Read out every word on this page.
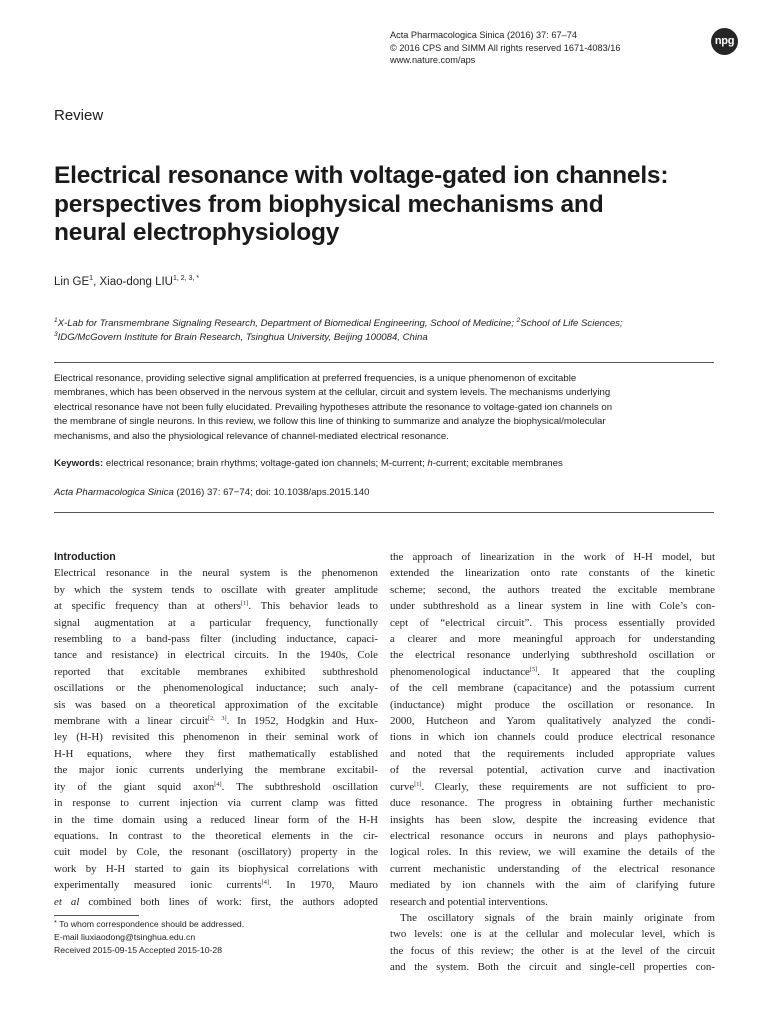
Acta Pharmacologica Sinica (2016) 37: 67–74
© 2016 CPS and SIMM All rights reserved 1671-4083/16
www.nature.com/aps
npg
Review
Electrical resonance with voltage-gated ion channels:
perspectives from biophysical mechanisms and
neural electrophysiology
Lin $GE^1$, Xiao-dong $LIU^{1, 2, 3, *}$
$^1$X-Lab for Transmembrane Signaling Research, Department of Biomedical Engineering, School of Medicine; $^2$School of Life Sciences;
$^3$IDG/McGovern Institute for Brain Research, Tsinghua University, Beijing 100084, China
Electrical resonance, providing selective signal amplification at preferred frequencies, is a unique phenomenon of excitable
membranes, which has been observed in the nervous system at the cellular, circuit and system levels. The mechanisms underlying
electrical resonance have not been fully elucidated. Prevailing hypotheses attribute the resonance to voltage-gated ion channels on
the membrane of single neurons. In this review, we follow this line of thinking to summarize and analyze the biophysical/molecular
mechanisms, and also the physiological relevance of channel-mediated electrical resonance.
Keywords: electrical resonance; brain rhythms; voltage-gated ion channels; M-current; h-current; excitable membranes
Acta Pharmacologica Sinica (2016) 37: 67−74; doi: 10.1038/aps.2015.140
Introduction
Electrical resonance in the neural system is the phenomenon
by which the system tends to oscillate with greater amplitude
at specific frequency than at others[1]. This behavior leads to
signal augmentation at a particular frequency, functionally
resembling to a band-pass filter (including inductance, capaci-
tance and resistance) in electrical circuits. In the 1940s, Cole
reported that excitable membranes exhibited subthreshold
oscillations or the phenomenological inductance; such analy-
sis was based on a theoretical approximation of the excitable
membrane with a linear circuit[2, 3]. In 1952, Hodgkin and Hux-
ley (H-H) revisited this phenomenon in their seminal work of
H-H equations, where they first mathematically established
the major ionic currents underlying the membrane excitabil-
ity of the giant squid axon[4]. The subthreshold oscillation
in response to current injection via current clamp was fitted
in the time domain using a reduced linear form of the H-H
equations. In contrast to the theoretical elements in the cir-
cuit model by Cole, the resonant (oscillatory) property in the
work by H-H started to gain its biophysical correlations with
experimentally measured ionic currents[4]. In 1970, Mauro
et al combined both lines of work: first, the authors adopted
the approach of linearization in the work of H-H model, but
extended the linearization onto rate constants of the kinetic
scheme; second, the authors treated the excitable membrane
under subthreshold as a linear system in line with Cole’s con-
cept of “electrical circuit”. This process essentially provided
a clearer and more meaningful approach for understanding
the electrical resonance underlying subthreshold oscillation or
phenomenological inductance[5]. It appeared that the coupling
of the cell membrane (capacitance) and the potassium current
(inductance) might produce the oscillation or resonance. In
2000, Hutcheon and Yarom qualitatively analyzed the condi-
tions in which ion channels could produce electrical resonance
and noted that the requirements included appropriate values
of the reversal potential, activation curve and inactivation
curve[1]. Clearly, these requirements are not sufficient to pro-
duce resonance. The progress in obtaining further mechanistic
insights has been slow, despite the increasing evidence that
electrical resonance occurs in neurons and plays pathophysio-
logical roles. In this review, we will examine the details of the
current mechanistic understanding of the electrical resonance
mediated by ion channels with the aim of clarifying future
research and potential interventions.
The oscillatory signals of the brain mainly originate from
two levels: one is at the cellular and molecular level, which is
the focus of this review; the other is at the level of the circuit
and the system. Both the circuit and single-cell properties con-
* To whom correspondence should be addressed.
E-mail liuxiaodong@tsinghua.edu.cn
Received 2015-09-15 Accepted 2015-10-28
